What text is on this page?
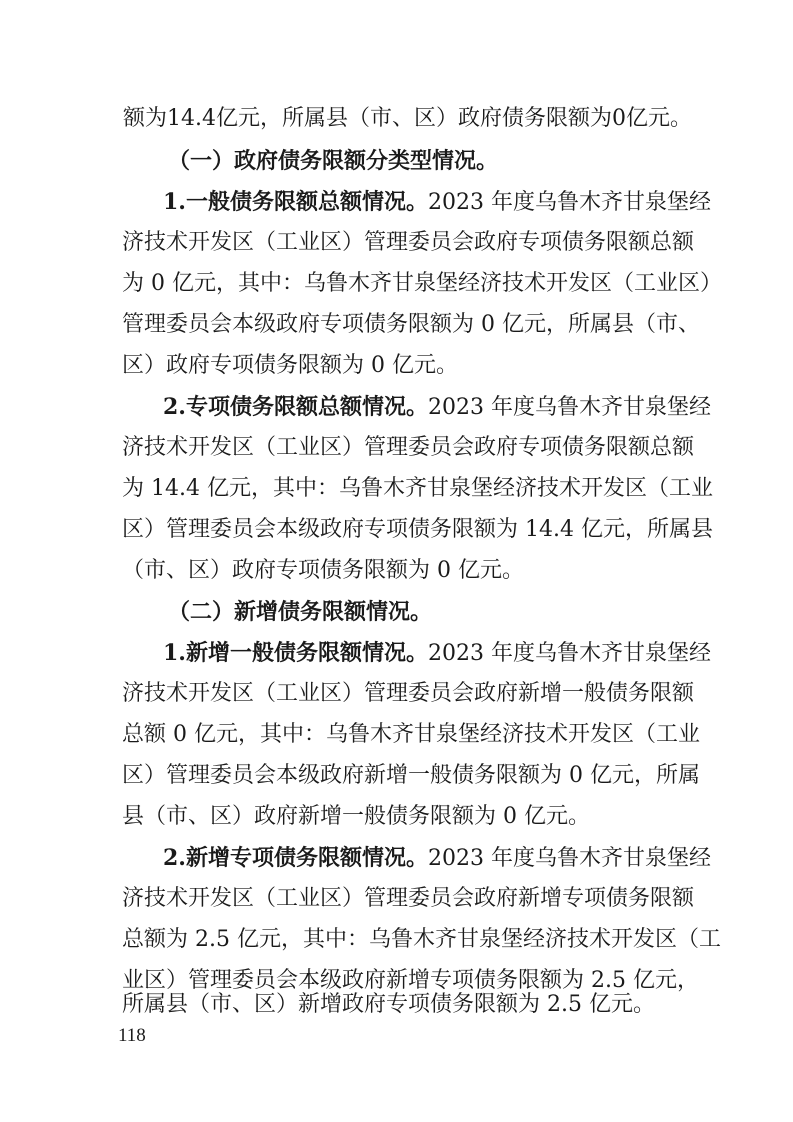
额为14.4亿元，所属县（市、区）政府债务限额为0亿元。
（一）政府债务限额分类型情况。
1.一般债务限额总额情况。2023 年度乌鲁木齐甘泉堡经
济技术开发区（工业区）管理委员会政府专项债务限额总额
为 0 亿元，其中：乌鲁木齐甘泉堡经济技术开发区（工业区）
管理委员会本级政府专项债务限额为 0 亿元，所属县（市、
区）政府专项债务限额为 0 亿元。
2.专项债务限额总额情况。2023 年度乌鲁木齐甘泉堡经
济技术开发区（工业区）管理委员会政府专项债务限额总额
为 14.4 亿元，其中：乌鲁木齐甘泉堡经济技术开发区（工业
区）管理委员会本级政府专项债务限额为 14.4 亿元，所属县
（市、区）政府专项债务限额为 0 亿元。
（二）新增债务限额情况。
1.新增一般债务限额情况。2023 年度乌鲁木齐甘泉堡经
济技术开发区（工业区）管理委员会政府新增一般债务限额
总额 0 亿元，其中：乌鲁木齐甘泉堡经济技术开发区（工业
区）管理委员会本级政府新增一般债务限额为 0 亿元，所属
县（市、区）政府新增一般债务限额为 0 亿元。
2.新增专项债务限额情况。2023 年度乌鲁木齐甘泉堡经
济技术开发区（工业区）管理委员会政府新增专项债务限额
总额为 2.5 亿元，其中：乌鲁木齐甘泉堡经济技术开发区（工
业区）管理委员会本级政府新增专项债务限额为 2.5 亿元，
所属县（市、区）新增政府专项债务限额为 2.5 亿元。
118
